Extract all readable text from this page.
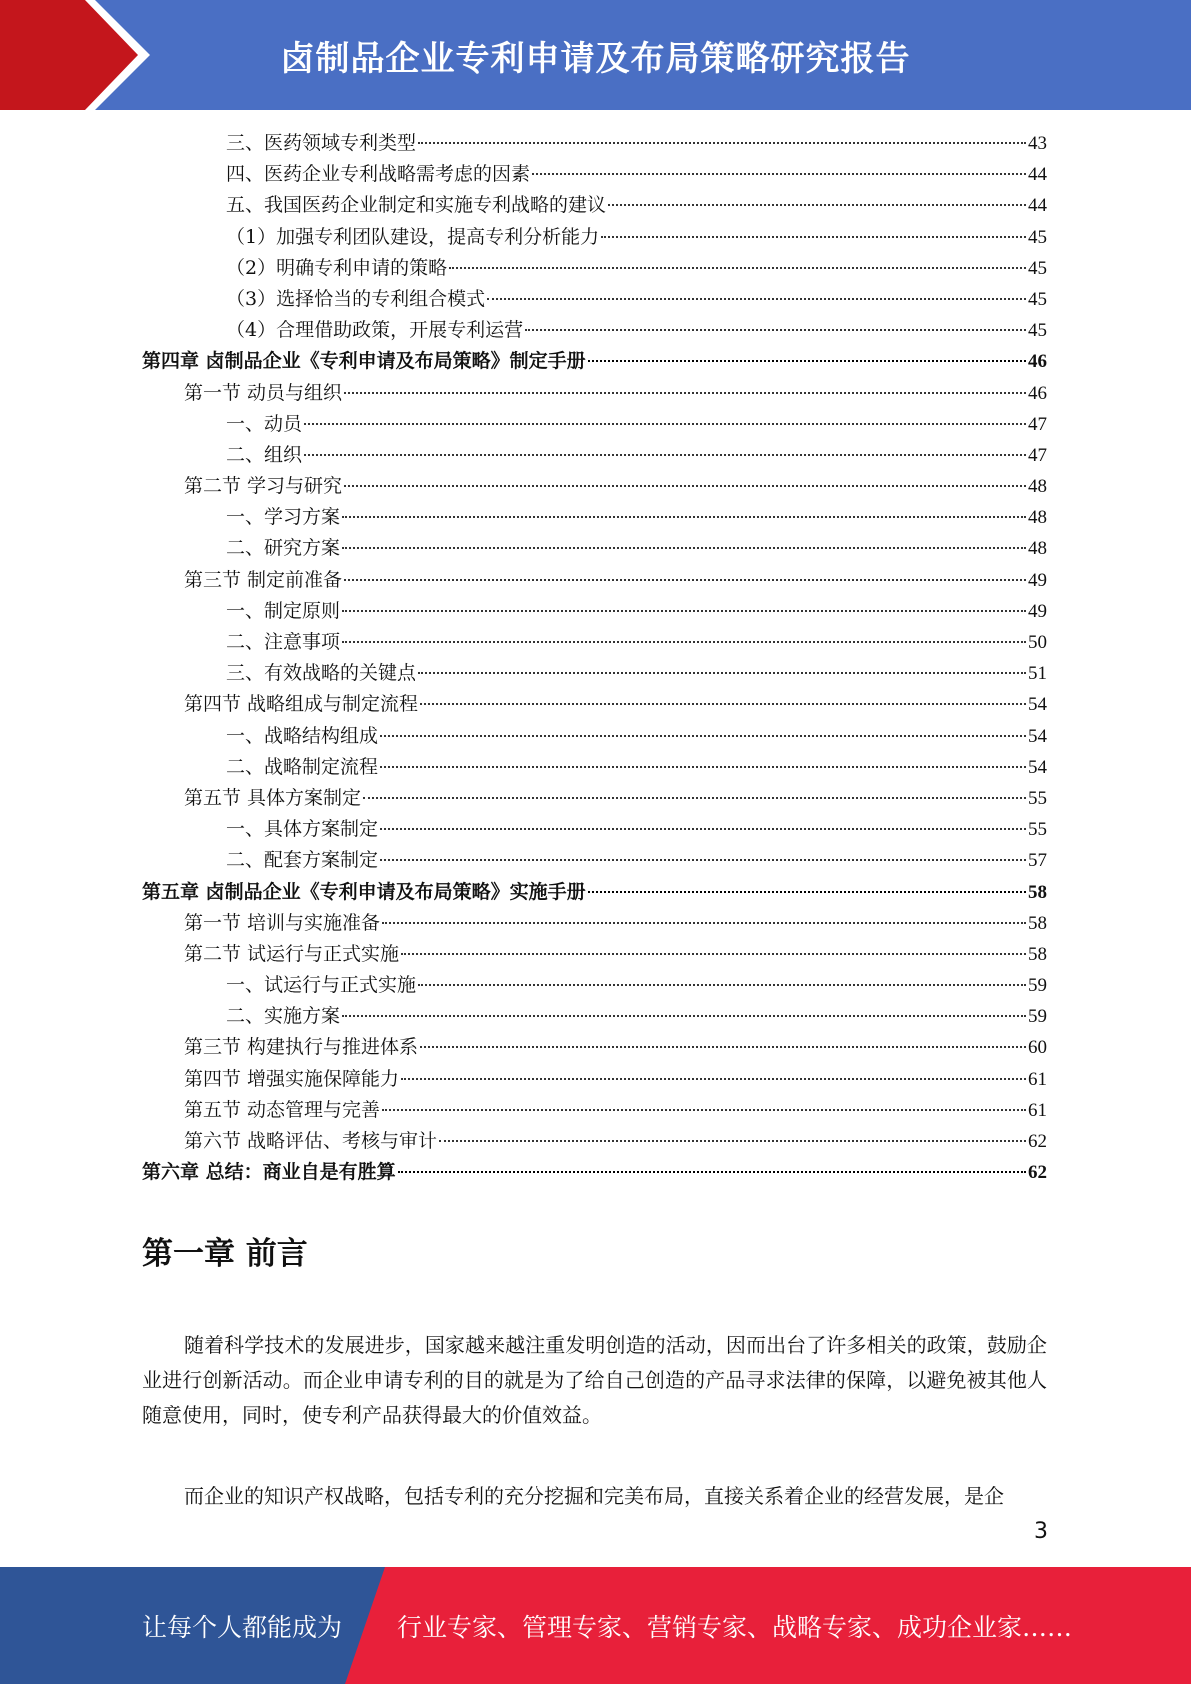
卤制品企业专利申请及布局策略研究报告
三、医药领域专利类型	43
四、医药企业专利战略需考虑的因素	44
五、我国医药企业制定和实施专利战略的建议	44
（1）加强专利团队建设，提高专利分析能力	45
（2）明确专利申请的策略	45
（3）选择恰当的专利组合模式	45
（4）合理借助政策，开展专利运营	45
第四章 卤制品企业《专利申请及布局策略》制定手册	46
第一节 动员与组织	46
一、动员	47
二、组织	47
第二节 学习与研究	48
一、学习方案	48
二、研究方案	48
第三节 制定前准备	49
一、制定原则	49
二、注意事项	50
三、有效战略的关键点	51
第四节 战略组成与制定流程	54
一、战略结构组成	54
二、战略制定流程	54
第五节 具体方案制定	55
一、具体方案制定	55
二、配套方案制定	57
第五章 卤制品企业《专利申请及布局策略》实施手册	58
第一节 培训与实施准备	58
第二节 试运行与正式实施	58
一、试运行与正式实施	59
二、实施方案	59
第三节 构建执行与推进体系	60
第四节 增强实施保障能力	61
第五节 动态管理与完善	61
第六节 战略评估、考核与审计	62
第六章 总结：商业自是有胜算	62
第一章 前言
随着科学技术的发展进步，国家越来越注重发明创造的活动，因而出台了许多相关的政策，鼓励企业进行创新活动。而企业申请专利的目的就是为了给自己创造的产品寻求法律的保障，以避免被其他人随意使用，同时，使专利产品获得最大的价值效益。
而企业的知识产权战略，包括专利的充分挖掘和完美布局，直接关系着企业的经营发展，是企
3
让每个人都能成为 行业专家、管理专家、营销专家、战略专家、成功企业家……
